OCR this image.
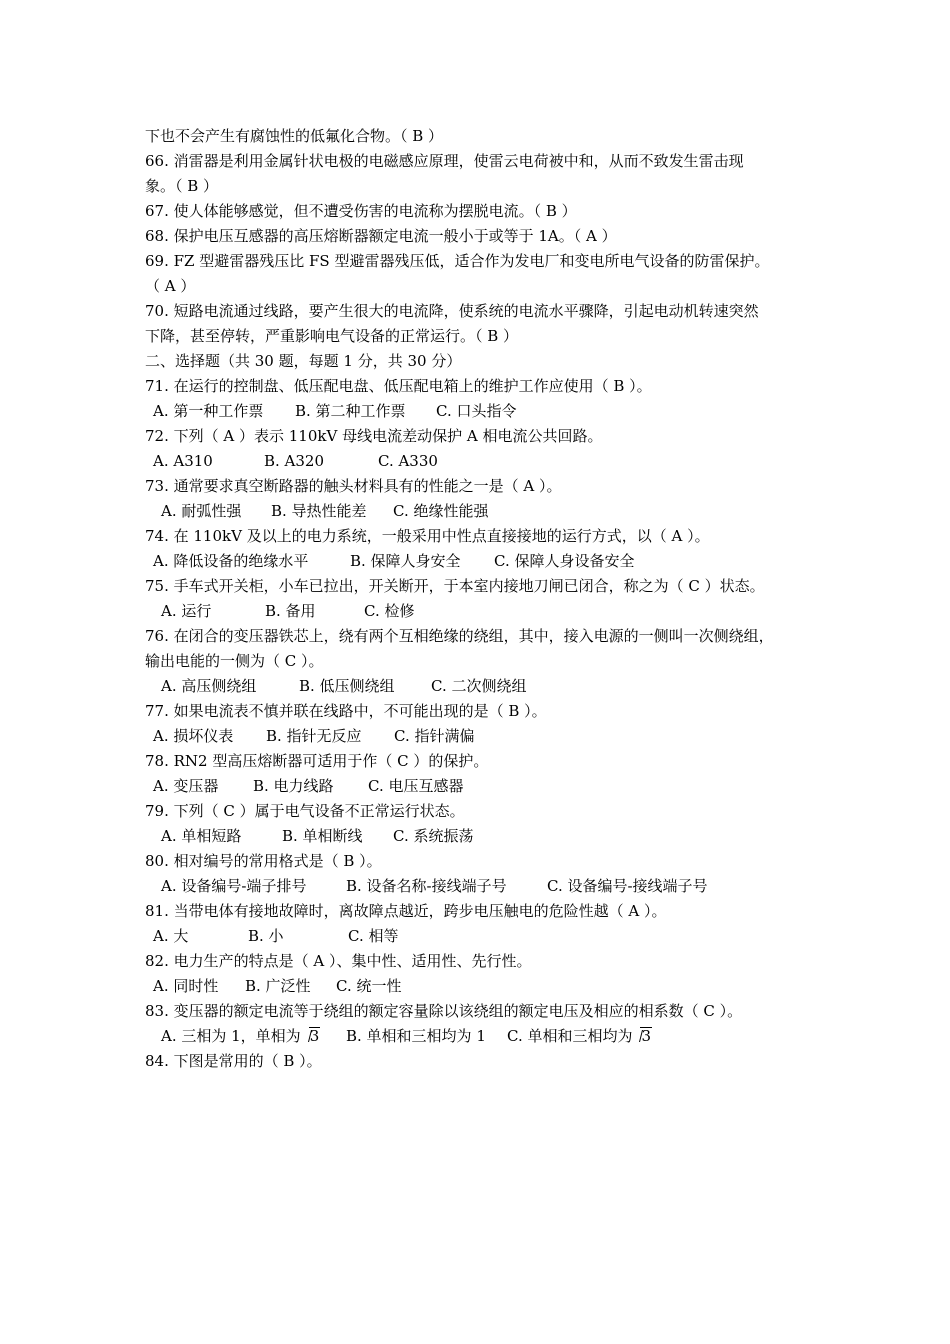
下也不会产生有腐蚀性的低氟化合物。（ B ）
66. 消雷器是利用金属针状电极的电磁感应原理，使雷云电荷被中和，从而不致发生雷击现
象。（ B ）
67. 使人体能够感觉，但不遭受伤害的电流称为摆脱电流。（ B ）
68. 保护电压互感器的高压熔断器额定电流一般小于或等于 1A。（ A ）
69. FZ 型避雷器残压比 FS 型避雷器残压低，适合作为发电厂和变电所电气设备的防雷保护。
（ A ）
70. 短路电流通过线路，要产生很大的电流降，使系统的电流水平骤降，引起电动机转速突然
下降，甚至停转，严重影响电气设备的正常运行。（ B ）
二、选择题（共 30 题，每题 1 分，共 30 分）
71. 在运行的控制盘、低压配电盘、低压配电箱上的维护工作应使用（ B ）。
A. 第一种工作票 B. 第二种工作票 C. 口头指令
72. 下列（ A ）表示 110kV 母线电流差动保护 A 相电流公共回路。
A. A310	B. A320	C. A330
73. 通常要求真空断路器的触头材料具有的性能之一是（ A ）。
A. 耐弧性强 B. 导热性能差 C. 绝缘性能强
74. 在 110kV 及以上的电力系统，一般采用中性点直接接地的运行方式，以（ A ）。
A. 降低设备的绝缘水平	B. 保障人身安全 C. 保障人身设备安全
75. 手车式开关柜，小车已拉出，开关断开，于本室内接地刀闸已闭合，称之为（ C ）状态。
A. 运行	B. 备用	C. 检修
76. 在闭合的变压器铁芯上，绕有两个互相绝缘的绕组，其中，接入电源的一侧叫一次侧绕组，
输出电能的一侧为（ C ）。
A. 高压侧绕组	B. 低压侧绕组 C. 二次侧绕组
77. 如果电流表不慎并联在线路中，不可能出现的是（ B ）。
A. 损坏仪表 B. 指针无反应 C. 指针满偏
78. RN2 型高压熔断器可适用于作（ C ）的保护。
A. 变压器 B. 电力线路 C. 电压互感器
79. 下列（ C ）属于电气设备不正常运行状态。
A. 单相短路	B. 单相断线 C. 系统振荡
80. 相对编号的常用格式是（ B ）。
A. 设备编号-端子排号	B. 设备名称-接线端子号	C. 设备编号-接线端子号
81. 当带电体有接地故障时，离故障点越近，跨步电压触电的危险性越（ A ）。
A. 大	B. 小	C. 相等
82. 电力生产的特点是（ A ）、集中性、适用性、先行性。
A. 同时性 B. 广泛性 C. 统一性
83. 变压器的额定电流等于绕组的额定容量除以该绕组的额定电压及相应的相系数（ C ）。
A. 三相为 1，单相为 3 B. 单相和三相均为 1 C. 单相和三相均为 3
84. 下图是常用的（ B ）。
